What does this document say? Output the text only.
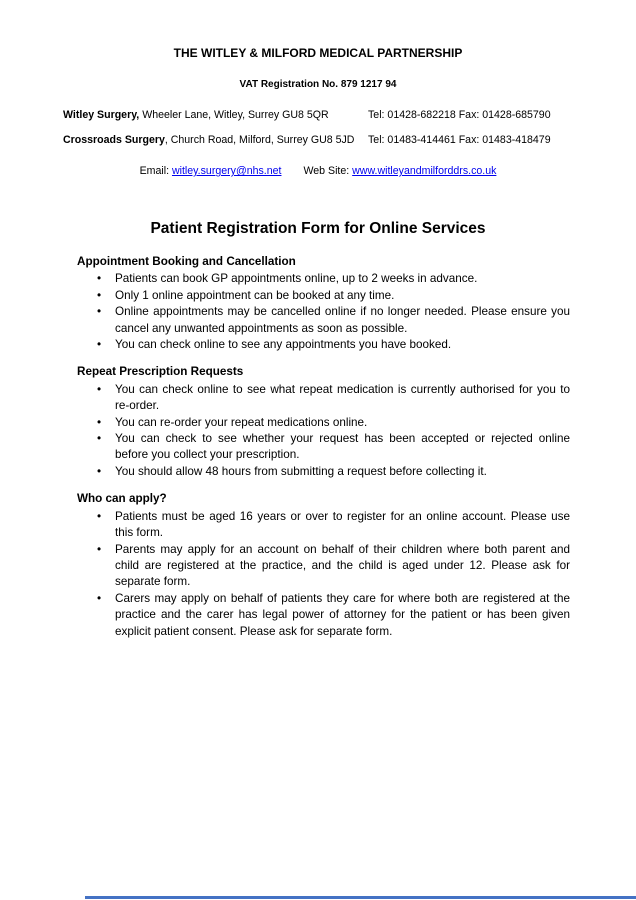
THE WITLEY & MILFORD MEDICAL PARTNERSHIP
VAT Registration No. 879 1217 94
Witley Surgery, Wheeler Lane, Witley, Surrey GU8 5QR	Tel: 01428-682218 Fax: 01428-685790
Crossroads Surgery, Church Road, Milford, Surrey GU8 5JD	Tel: 01483-414461 Fax: 01483-418479
Email: witley.surgery@nhs.net Web Site: www.witleyandmilforddrs.co.uk
Patient Registration Form for Online Services
Appointment Booking and Cancellation
• Patients can book GP appointments online, up to 2 weeks in advance.
• Only 1 online appointment can be booked at any time.
• Online appointments may be cancelled online if no longer needed. Please ensure you cancel any unwanted appointments as soon as possible.
• You can check online to see any appointments you have booked.
Repeat Prescription Requests
• You can check online to see what repeat medication is currently authorised for you to re-order.
• You can re-order your repeat medications online.
• You can check to see whether your request has been accepted or rejected online before you collect your prescription.
• You should allow 48 hours from submitting a request before collecting it.
Who can apply?
• Patients must be aged 16 years or over to register for an online account. Please use this form.
• Parents may apply for an account on behalf of their children where both parent and child are registered at the practice, and the child is aged under 12. Please ask for separate form.
• Carers may apply on behalf of patients they care for where both are registered at the practice and the carer has legal power of attorney for the patient or has been given explicit patient consent. Please ask for separate form.
